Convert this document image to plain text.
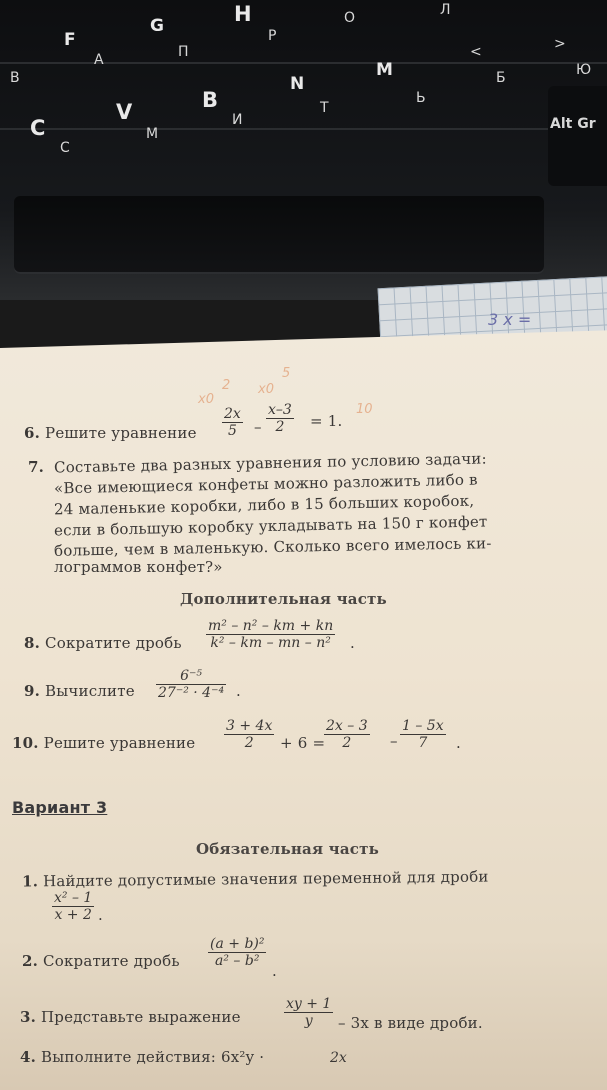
B
F
A
G
П
H
P
O	Л
<	>
C
V
N
M	Б	Ю
C
M
B
И
T
Ь
Alt Gr
3 x =
x0
x0
2
5
10
6. Решите уравнение $\frac{2x}{5} - \frac{x-3}{2} = 1$.
7. Составьте два разных уравнения по условию задачи:
«Все имеющиеся конфеты можно разложить либо в
24 маленькие коробки, либо в 15 больших коробок,
если в большую коробку укладывать на 150 г конфет
больше, чем в маленькую. Сколько всего имелось ки-
лограммов конфет?»
Дополнительная часть
8. Сократите дробь $\frac{\text{m² – n² – km + kn}}{\text{k² – km – mn – n²}}$ .
9. Вычислите $\frac{\text{6⁻⁵}}{\text{27⁻² · 4⁻⁴}}$ .
10. Решите уравнение $\frac{3 + 4x}{2} + 6$ =
$\frac{2x - 3}{2} - \frac{1 - 5x}{7}$ .
Вариант 3
Обязательная часть
1. Найдите допустимые значения переменной для дроби
$\frac{\text{x² – 1}}{x + 2}$ .
2. Сократите дробь $\frac{\text{(a + b)²}}{\text{a² – b²}}$
.
3. Представьте выражение	$\frac{xy + 1}{y} - 3x$ в виде дроби.
4. Выполните действия: 6x²y ·	2x
